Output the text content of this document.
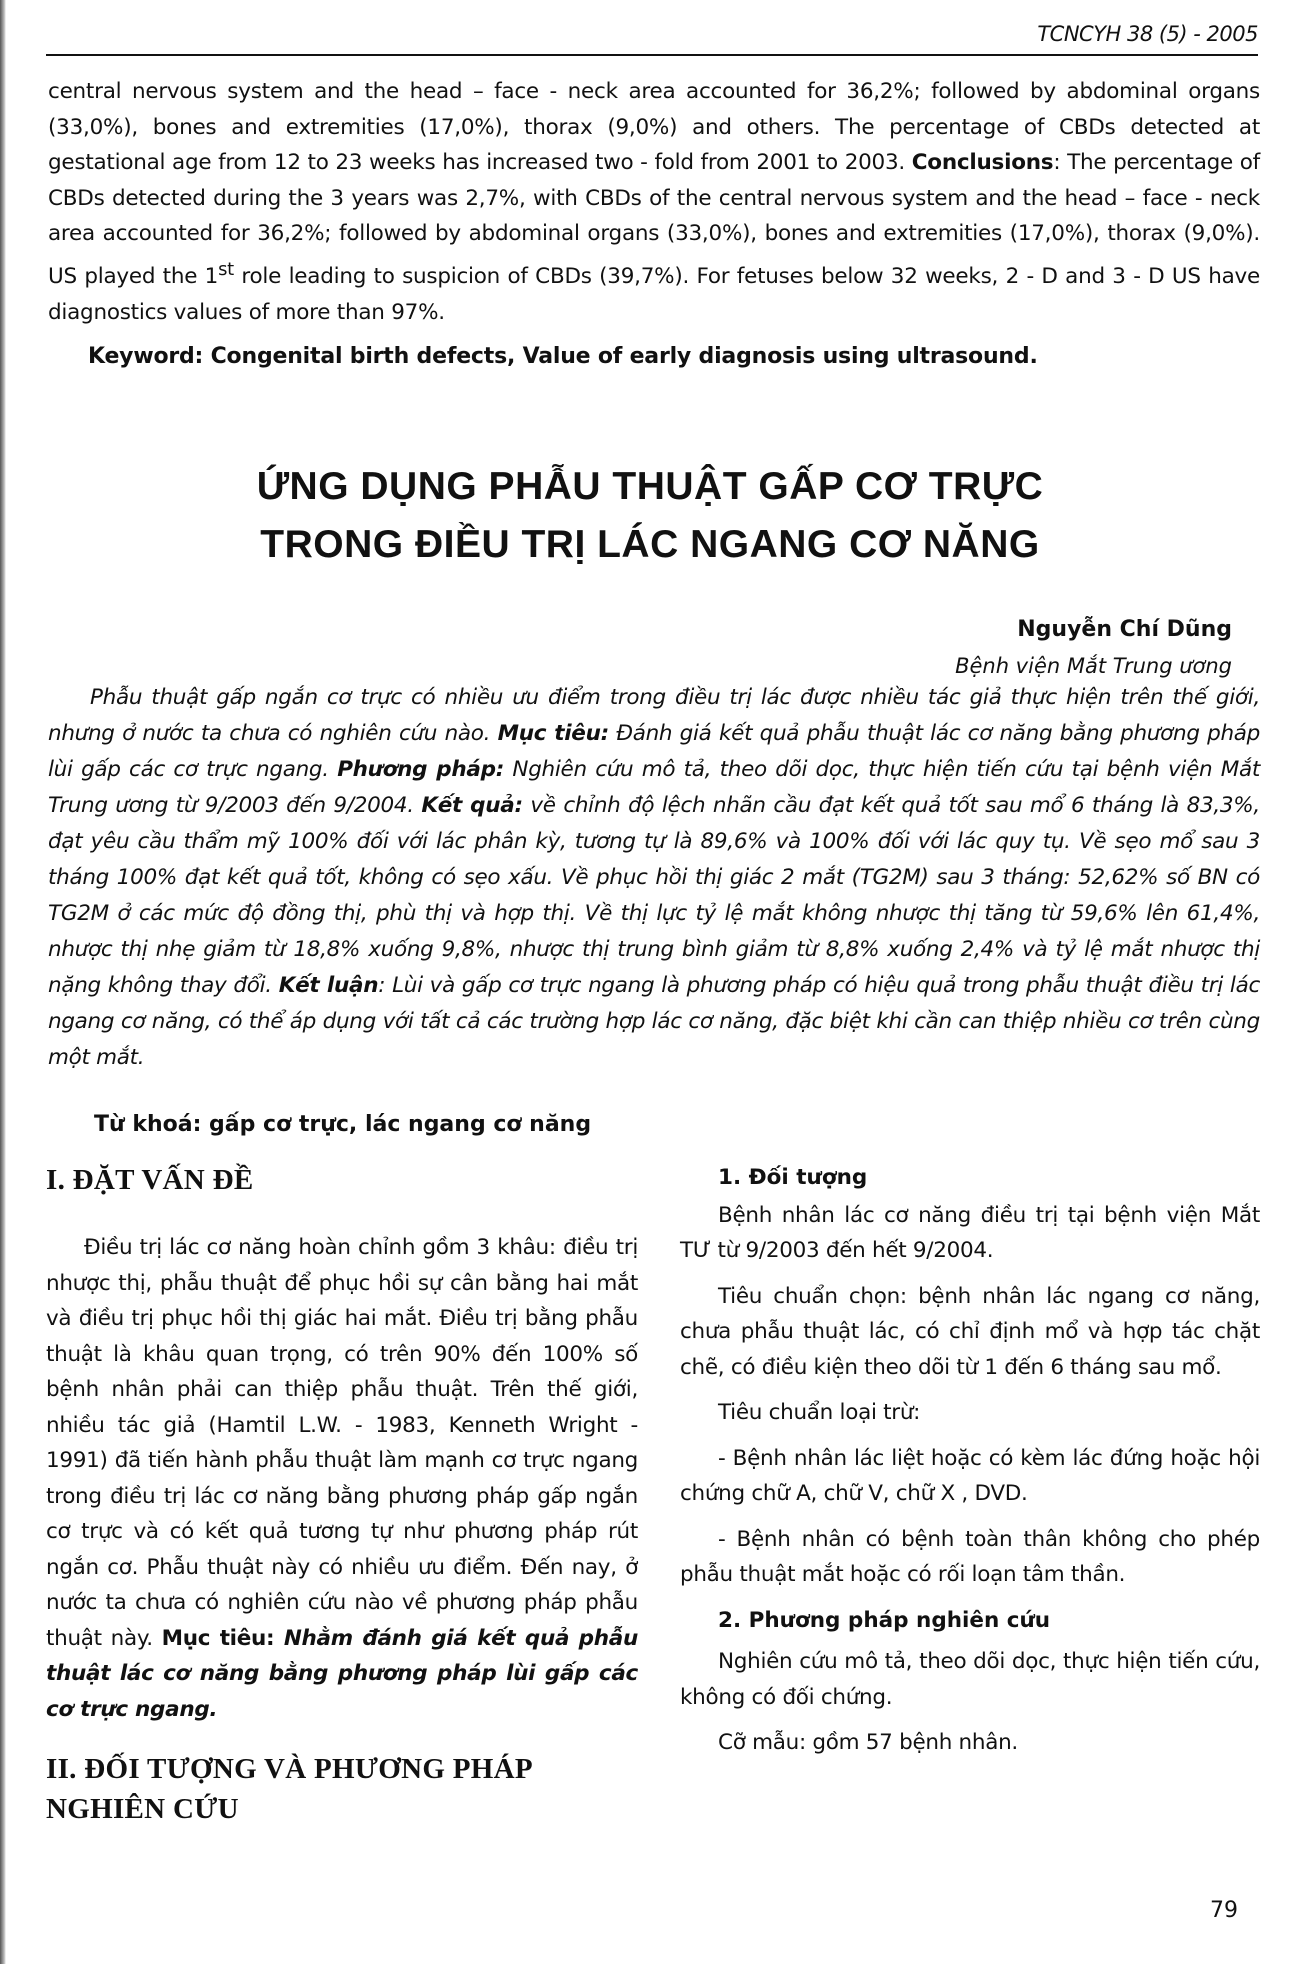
TCNCYH 38 (5) - 2005
central nervous system and the head – face - neck area accounted for 36,2%; followed by abdominal organs (33,0%), bones and extremities (17,0%), thorax (9,0%) and others. The percentage of CBDs detected at gestational age from 12 to 23 weeks has increased two - fold from 2001 to 2003. Conclusions: The percentage of CBDs detected during the 3 years was 2,7%, with CBDs of the central nervous system and the head – face - neck area accounted for 36,2%; followed by abdominal organs (33,0%), bones and extremities (17,0%), thorax (9,0%). US played the 1st role leading to suspicion of CBDs (39,7%). For fetuses below 32 weeks, 2 - D and 3 - D US have diagnostics values of more than 97%.
Keyword: Congenital birth defects, Value of early diagnosis using ultrasound.
ỨNG DỤNG PHẪU THUẬT GẤP CƠ TRỰC
TRONG ĐIỀU TRỊ LÁC NGANG CƠ NĂNG
Nguyễn Chí Dũng
Bệnh viện Mắt Trung ương
Phẫu thuật gấp ngắn cơ trực có nhiều ưu điểm trong điều trị lác được nhiều tác giả thực hiện trên thế giới, nhưng ở nước ta chưa có nghiên cứu nào. Mục tiêu: Đánh giá kết quả phẫu thuật lác cơ năng bằng phương pháp lùi gấp các cơ trực ngang. Phương pháp: Nghiên cứu mô tả, theo dõi dọc, thực hiện tiến cứu tại bệnh viện Mắt Trung ương từ 9/2003 đến 9/2004. Kết quả: về chỉnh độ lệch nhãn cầu đạt kết quả tốt sau mổ 6 tháng là 83,3%, đạt yêu cầu thẩm mỹ 100% đối với lác phân kỳ, tương tự là 89,6% và 100% đối với lác quy tụ. Về sẹo mổ sau 3 tháng 100% đạt kết quả tốt, không có sẹo xấu. Về phục hồi thị giác 2 mắt (TG2M) sau 3 tháng: 52,62% số BN có TG2M ở các mức độ đồng thị, phù thị và hợp thị. Về thị lực tỷ lệ mắt không nhược thị tăng từ 59,6% lên 61,4%, nhược thị nhẹ giảm từ 18,8% xuống 9,8%, nhược thị trung bình giảm từ 8,8% xuống 2,4% và tỷ lệ mắt nhược thị nặng không thay đổi. Kết luận: Lùi và gấp cơ trực ngang là phương pháp có hiệu quả trong phẫu thuật điều trị lác ngang cơ năng, có thể áp dụng với tất cả các trường hợp lác cơ năng, đặc biệt khi cần can thiệp nhiều cơ trên cùng một mắt.
Từ khoá: gấp cơ trực, lác ngang cơ năng
I. ĐẶT VẤN ĐỀ

Điều trị lác cơ năng hoàn chỉnh gồm 3 khâu: điều trị nhược thị, phẫu thuật để phục hồi sự cân bằng hai mắt và điều trị phục hồi thị giác hai mắt. Điều trị bằng phẫu thuật là khâu quan trọng, có trên 90% đến 100% số bệnh nhân phải can thiệp phẫu thuật. Trên thế giới, nhiều tác giả (Hamtil L.W. - 1983, Kenneth Wright - 1991) đã tiến hành phẫu thuật làm mạnh cơ trực ngang trong điều trị lác cơ năng bằng phương pháp gấp ngắn cơ trực và có kết quả tương tự như phương pháp rút ngắn cơ. Phẫu thuật này có nhiều ưu điểm. Đến nay, ở nước ta chưa có nghiên cứu nào về phương pháp phẫu thuật này. Mục tiêu: Nhằm đánh giá kết quả phẫu thuật lác cơ năng bằng phương pháp lùi gấp các cơ trực ngang.

II. ĐỐI TƯỢNG VÀ PHƯƠNG PHÁP
NGHIÊN CỨU
1. Đối tượng

Bệnh nhân lác cơ năng điều trị tại bệnh viện Mắt TƯ từ 9/2003 đến hết 9/2004.

Tiêu chuẩn chọn: bệnh nhân lác ngang cơ năng, chưa phẫu thuật lác, có chỉ định mổ và hợp tác chặt chẽ, có điều kiện theo dõi từ 1 đến 6 tháng sau mổ.

Tiêu chuẩn loại trừ:

- Bệnh nhân lác liệt hoặc có kèm lác đứng hoặc hội chứng chữ A, chữ V, chữ X , DVD.

- Bệnh nhân có bệnh toàn thân không cho phép phẫu thuật mắt hoặc có rối loạn tâm thần.

2. Phương pháp nghiên cứu

Nghiên cứu mô tả, theo dõi dọc, thực hiện tiến cứu, không có đối chứng.

Cỡ mẫu: gồm 57 bệnh nhân.

79
